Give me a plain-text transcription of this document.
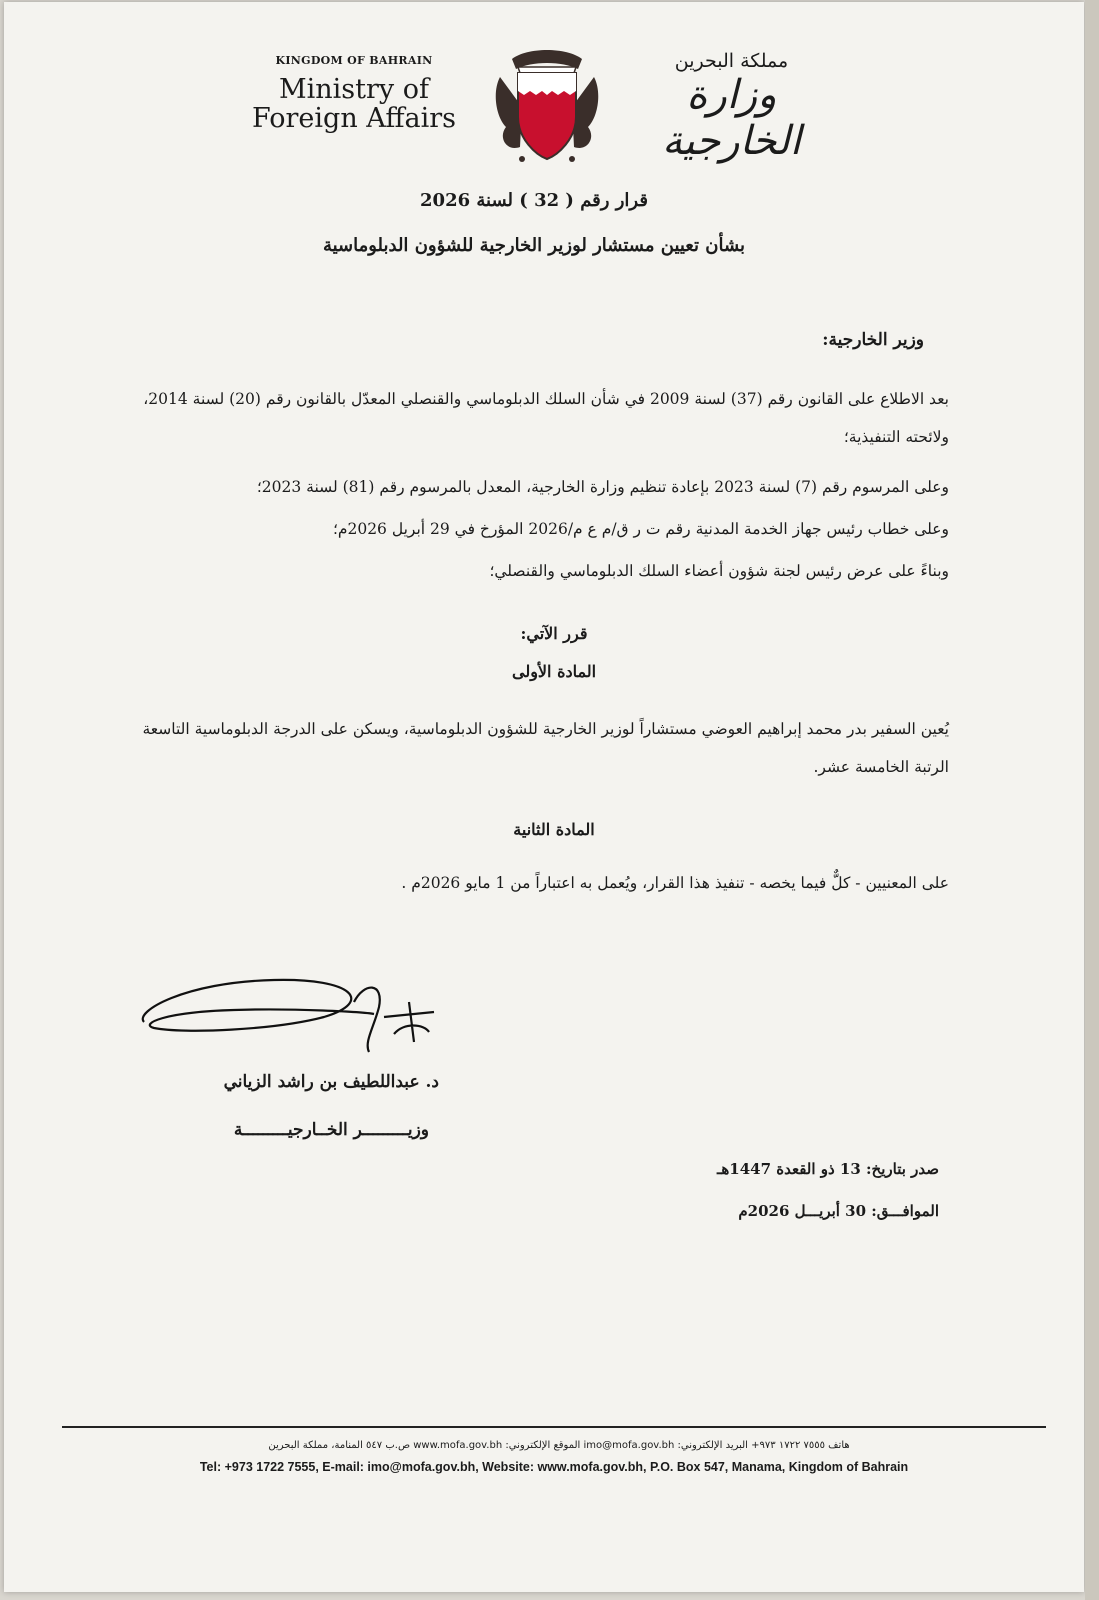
KINGDOM OF BAHRAIN
Ministry of
Foreign Affairs
مملكة البحرين
وزارة الخارجية
قرار رقم ( 32 ) لسنة 2026
بشأن تعيين مستشار لوزير الخارجية للشؤون الدبلوماسية
وزير الخارجية:
بعد الاطلاع على القانون رقم (37) لسنة 2009 في شأن السلك الدبلوماسي والقنصلي المعدّل بالقانون رقم (20) لسنة 2014، ولائحته التنفيذية؛
وعلى المرسوم رقم (7) لسنة 2023 بإعادة تنظيم وزارة الخارجية، المعدل بالمرسوم رقم (81) لسنة 2023؛
وعلى خطاب رئيس جهاز الخدمة المدنية رقم ت ر ق/م ع م/2026 المؤرخ في 29 أبريل 2026م؛
وبناءً على عرض رئيس لجنة شؤون أعضاء السلك الدبلوماسي والقنصلي؛
قرر الآتي:
المادة الأولى
يُعين السفير بدر محمد إبراهيم العوضي مستشاراً لوزير الخارجية للشؤون الدبلوماسية، ويسكن على الدرجة الدبلوماسية التاسعة الرتبة الخامسة عشر.
المادة الثانية
على المعنيين - كلٌّ فيما يخصه - تنفيذ هذا القرار، ويُعمل به اعتباراً من 1 مايو 2026م .
د. عبداللطيف بن راشد الزياني
وزيـــــــــر الخــارجيـــــــــة
صدر بتاريخ: 13 ذو القعدة 1447هـ
الموافـــق: 30 أبريـــل 2026م
هاتف ٧٥٥٥ ١٧٢٢ ٩٧٣+ البريد الإلكتروني: imo@mofa.gov.bh الموقع الإلكتروني: www.mofa.gov.bh ص.ب ٥٤٧ المنامة، مملكة البحرين
Tel: +973 1722 7555, E-mail: imo@mofa.gov.bh, Website: www.mofa.gov.bh, P.O. Box 547, Manama, Kingdom of Bahrain
